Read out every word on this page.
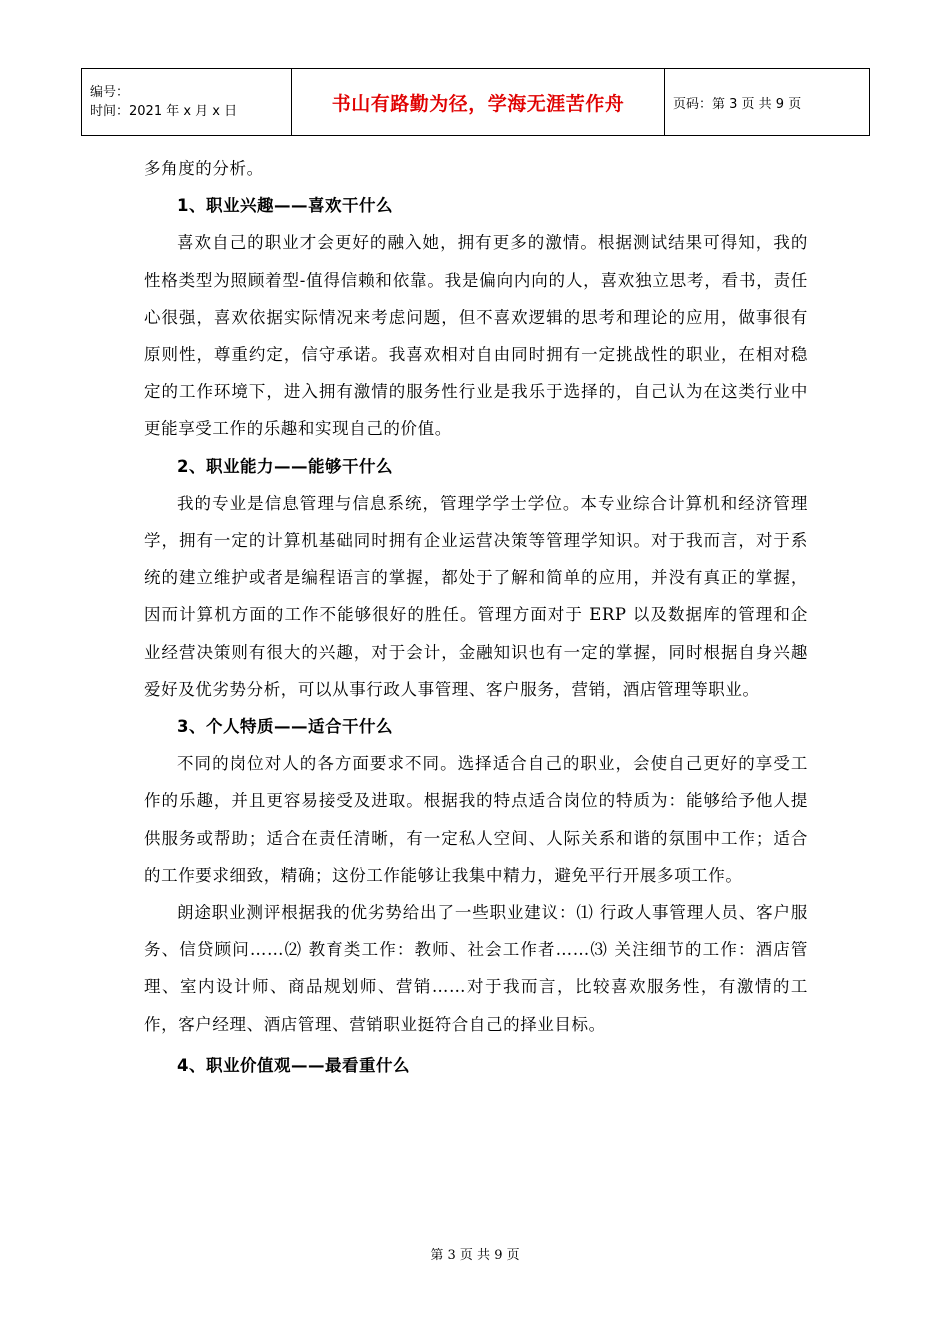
编号：
时间：2021 年 x 月 x 日	书山有路勤为径，学海无涯苦作舟	页码：第 3 页 共 9 页

多角度的分析。

1、职业兴趣——喜欢干什么

喜欢自己的职业才会更好的融入她，拥有更多的激情。根据测试结果可得知，我的性格类型为照顾着型-值得信赖和依靠。我是偏向内向的人，喜欢独立思考，看书，责任心很强，喜欢依据实际情况来考虑问题，但不喜欢逻辑的思考和理论的应用，做事很有原则性，尊重约定，信守承诺。我喜欢相对自由同时拥有一定挑战性的职业，在相对稳定的工作环境下，进入拥有激情的服务性行业是我乐于选择的，自己认为在这类行业中更能享受工作的乐趣和实现自己的价值。

2、职业能力——能够干什么

我的专业是信息管理与信息系统，管理学学士学位。本专业综合计算机和经济管理学，拥有一定的计算机基础同时拥有企业运营决策等管理学知识。对于我而言，对于系统的建立维护或者是编程语言的掌握，都处于了解和简单的应用，并没有真正的掌握，因而计算机方面的工作不能够很好的胜任。管理方面对于 ERP 以及数据库的管理和企业经营决策则有很大的兴趣，对于会计，金融知识也有一定的掌握，同时根据自身兴趣爱好及优劣势分析，可以从事行政人事管理、客户服务，营销，酒店管理等职业。

3、个人特质——适合干什么

不同的岗位对人的各方面要求不同。选择适合自己的职业，会使自己更好的享受工作的乐趣，并且更容易接受及进取。根据我的特点适合岗位的特质为：能够给予他人提供服务或帮助；适合在责任清晰，有一定私人空间、人际关系和谐的氛围中工作；适合的工作要求细致，精确；这份工作能够让我集中精力，避免平行开展多项工作。

朗途职业测评根据我的优劣势给出了一些职业建议：⑴ 行政人事管理人员、客户服务、信贷顾问……⑵ 教育类工作：教师、社会工作者……⑶ 关注细节的工作：酒店管理、室内设计师、商品规划师、营销……对于我而言，比较喜欢服务性，有激情的工作，客户经理、酒店管理、营销职业挺符合自己的择业目标。

4、职业价值观——最看重什么

第 3 页 共 9 页
